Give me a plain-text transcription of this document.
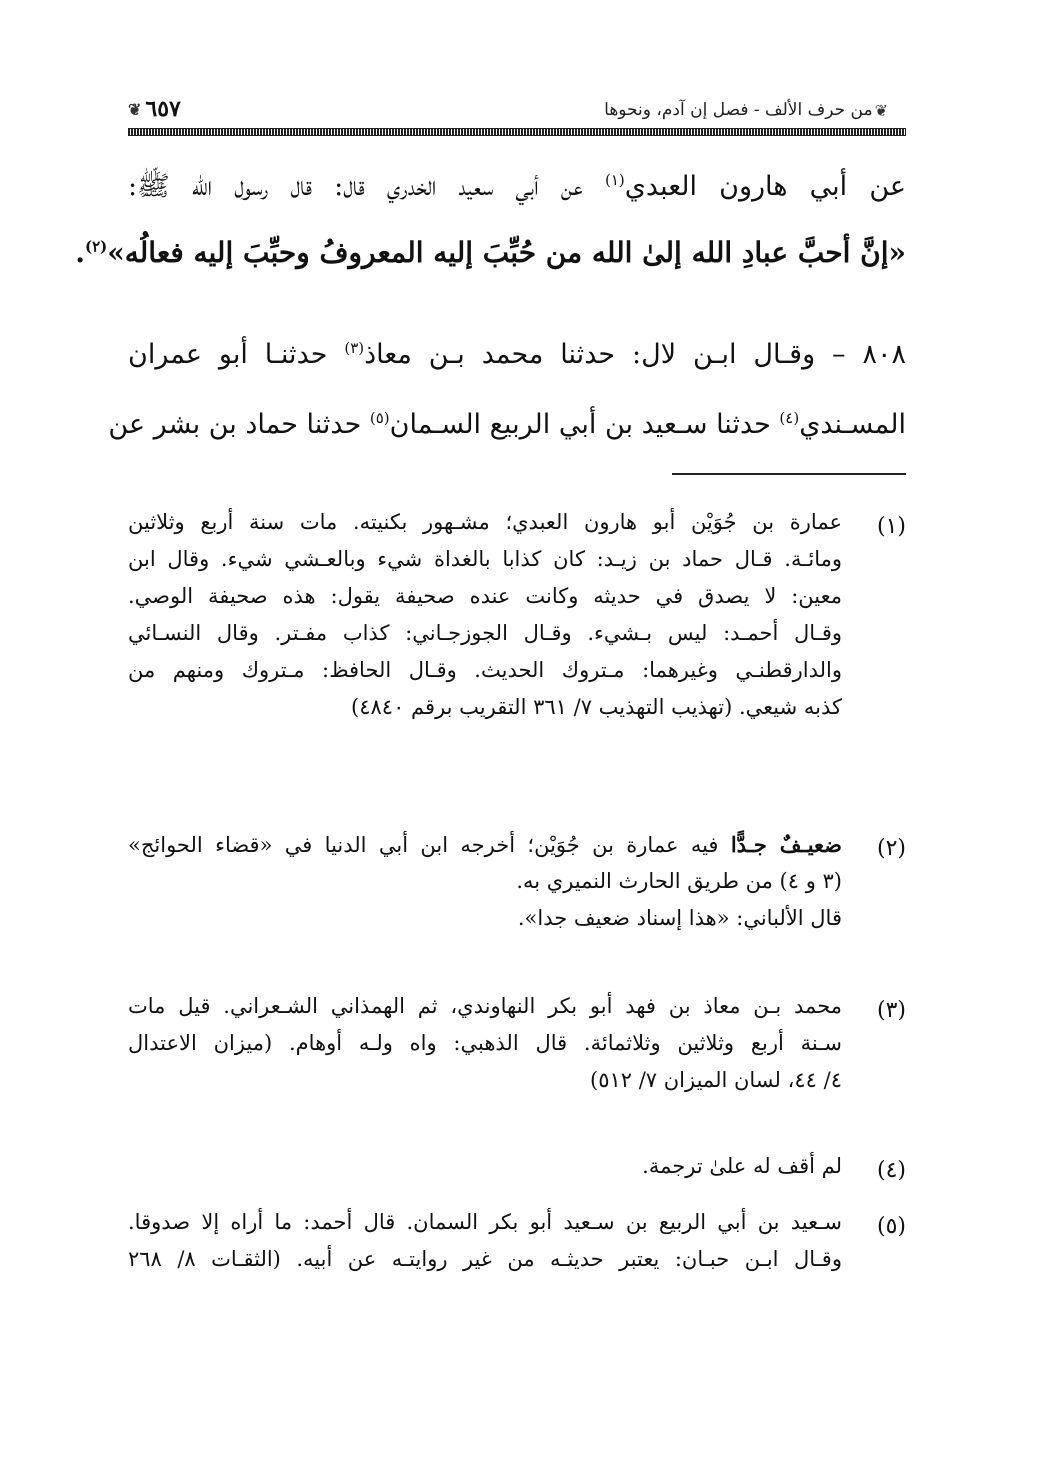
❦
من حرف الألف - فصل إن آدم، ونحوها
❦ ٦٥٧
عن أبي هارون العبدي$^{(١)}$ عن أبي سعيد الخدري قال: قال رسول الله ﷺ:
«إنَّ أحبَّ عبادِ الله إلىٰ الله من حُبِّبَ إليه المعروفُ وحبِّبَ إليه فعالُه»$^{(٢)}$.
٨٠٨ – وقـال ابـن لال: حدثنا محمد بـن معاذ$^{(٣)}$ حدثنـا أبو عمران
المسـندي$^{(٤)}$ حدثنا سـعيد بن أبي الربيع السـمان$^{(٥)}$ حدثنا حماد بن بشر عن
(١)
عمارة بن جُوَيْن أبو هارون العبدي؛ مشـهور بكنيته. مات سنة أربع وثلاثين
ومائـة. قـال حماد بن زيـد: كان كذابا بالغداة شيء وبالعـشي شيء. وقال ابن
معين: لا يصدق في حديثه وكانت عنده صحيفة يقول: هذه صحيفة الوصي.
وقـال أحمـد: ليس بـشيء. وقـال الجوزجـاني: كذاب مفـتر. وقال النسـائي
والدارقطنـي وغيرهما: مـتروك الحديث. وقـال الحافظ: مـتروك ومنهم من
كذبه شيعي. (تهذيب التهذيب ٧/ ٣٦١ التقريب برقم ٤٨٤٠)
(٢)
ضعيـفٌ جـدًّا فيه عمارة بن جُوَيْن؛ أخرجه ابن أبي الدنيا في «قضاء الحوائج»
(٣ و ٤) من طريق الحارث النميري به.
قال الألباني: «هذا إسناد ضعيف جدا».
(٣)
محمد بـن معاذ بن فهد أبو بكر النهاوندي، ثم الهمذاني الشـعراني. قيل مات
سـنة أربع وثلاثين وثلاثمائة. قال الذهبي: واه ولـه أوهام. (ميزان الاعتدال
٤/ ٤٤، لسان الميزان ٧/ ٥١٢)
(٤)
لم أقف له علىٰ ترجمة.
(٥)
سـعيد بن أبي الربيع بن سـعيد أبو بكر السمان. قال أحمد: ما أراه إلا صدوقا.
وقـال ابـن حبـان: يعتبر حديثـه من غير روايتـه عن أبيه. (الثقـات ٨/ ٢٦٨
